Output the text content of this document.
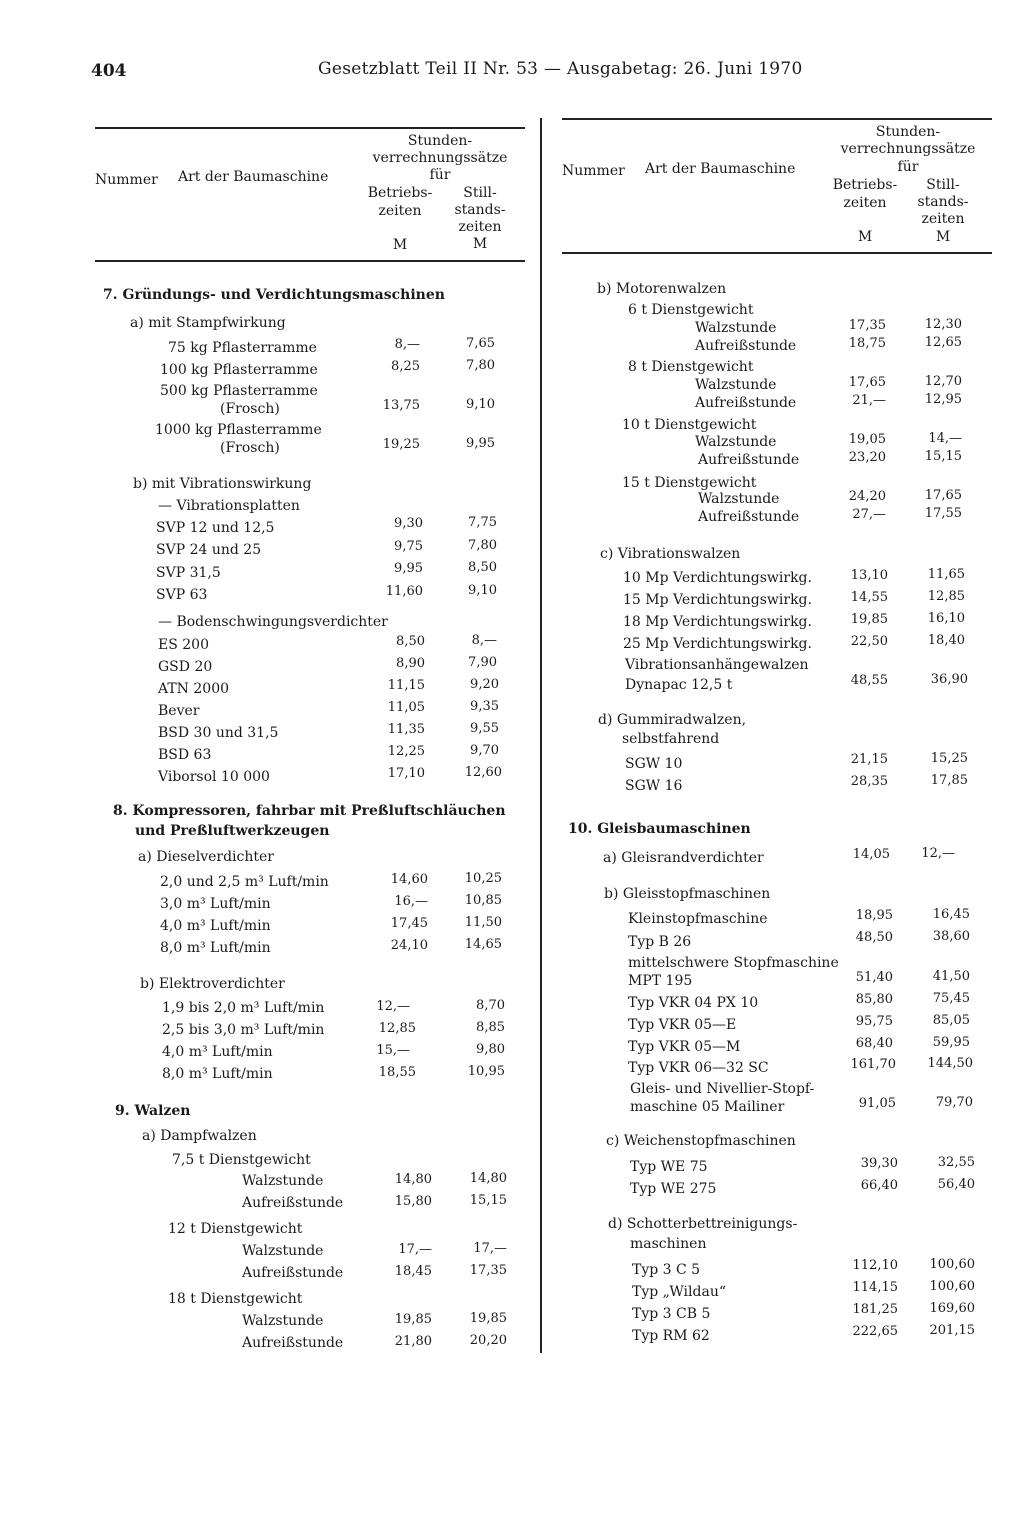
404	Gesetzblatt Teil II Nr. 53 — Ausgabetag: 26. Juni 1970
Nummer Art der Baumaschine
Stunden-
verrechnungssätze
für
Betriebs-
zeiten
Still-
stands-
zeiten
M	M
Nummer Art der Baumaschine
Stunden-
verrechnungssätze
für
Betriebs-
zeiten
Still-
stands-
zeiten
M	M
7. Gründungs- und Verdichtungsmaschinen
a) mit Stampfwirkung
75 kg Pflasterramme	8,—	7,65
100 kg Pflasterramme	8,25	7,80
500 kg Pflasterramme
(Frosch)	13,75	9,10
1000 kg Pflasterramme
(Frosch)	19,25	9,95
b) mit Vibrationswirkung
— Vibrationsplatten
SVP 12 und 12,5	9,30	7,75
SVP 24 und 25	9,75	7,80
SVP 31,5	9,95	8,50
SVP 63	11,60	9,10
— Bodenschwingungsverdichter
ES 200	8,50	8,—
GSD 20	8,90	7,90
ATN 2000	11,15	9,20
Bever	11,05	9,35
BSD 30 und 31,5	11,35	9,55
BSD 63	12,25	9,70
Viborsol 10 000	17,10	12,60
8. Kompressoren, fahrbar mit Preßluftschläuchen
und Preßluftwerkzeugen
a) Dieselverdichter
2,0 und 2,5 m³ Luft/min	14,60	10,25
3,0 m³ Luft/min	16,—	10,85
4,0 m³ Luft/min	17,45	11,50
8,0 m³ Luft/min	24,10	14,65
b) Elektroverdichter
1,9 bis 2,0 m³ Luft/min	12,—	8,70
2,5 bis 3,0 m³ Luft/min	12,85	8,85
4,0 m³ Luft/min	15,—	9,80
8,0 m³ Luft/min	18,55	10,95
9. Walzen
a) Dampfwalzen
7,5 t Dienstgewicht
Walzstunde	14,80	14,80
Aufreißstunde	15,80	15,15
12 t Dienstgewicht
Walzstunde	17,—	17,—
Aufreißstunde	18,45	17,35
18 t Dienstgewicht
Walzstunde	19,85	19,85
Aufreißstunde	21,80	20,20
b) Motorenwalzen
6 t Dienstgewicht
Walzstunde	17,35	12,30
Aufreißstunde	18,75	12,65
8 t Dienstgewicht
Walzstunde	17,65	12,70
Aufreißstunde	21,—	12,95
10 t Dienstgewicht
Walzstunde	19,05	14,—
Aufreißstunde	23,20	15,15
15 t Dienstgewicht
Walzstunde	24,20	17,65
Aufreißstunde	27,—	17,55
c) Vibrationswalzen
10 Mp Verdichtungswirkg.	13,10	11,65
15 Mp Verdichtungswirkg.	14,55	12,85
18 Mp Verdichtungswirkg.	19,85	16,10
25 Mp Verdichtungswirkg.	22,50	18,40
Vibrationsanhängewalzen
Dynapac 12,5 t	48,55	36,90
d) Gummiradwalzen,
selbstfahrend
SGW 10	21,15	15,25
SGW 16	28,35	17,85
10. Gleisbaumaschinen
a) Gleisrandverdichter	14,05	12,—
b) Gleisstopfmaschinen
Kleinstopfmaschine	18,95	16,45
Typ B 26	48,50	38,60
mittelschwere Stopfmaschine
MPT 195	51,40	41,50
Typ VKR 04 PX 10	85,80	75,45
Typ VKR 05—E	95,75	85,05
Typ VKR 05—M	68,40	59,95
Typ VKR 06—32 SC	161,70	144,50
Gleis- und Nivellier-Stopf-
maschine 05 Mailiner	91,05	79,70
c) Weichenstopfmaschinen
Typ WE 75	39,30	32,55
Typ WE 275	66,40	56,40
d) Schotterbettreinigungs-
maschinen
Typ 3 C 5	112,10	100,60
Typ „Wildau“	114,15	100,60
Typ 3 CB 5	181,25	169,60
Typ RM 62	222,65	201,15
